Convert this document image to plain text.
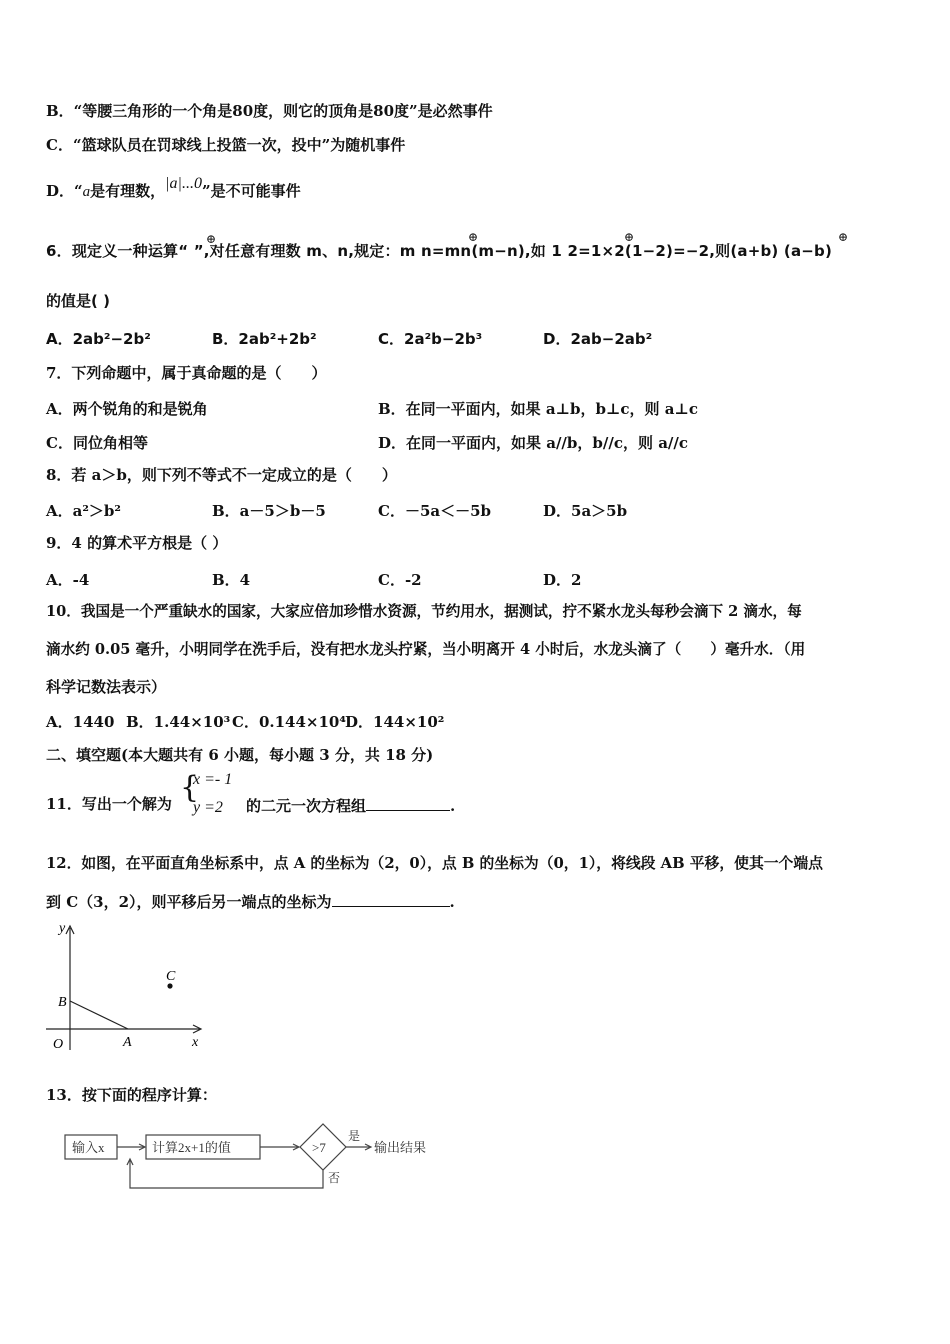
B．“等腰三角形的一个角是80度，则它的顶角是80度”是必然事件
C．“篮球队员在罚球线上投篮一次，投中”为随机事件
D．“a是有理数，|a|...0”是不可能事件
6．现定义一种运算“ ”,对任意有理数 m、n,规定：m n=mn(m−n),如 1 2=1×2(1−2)=−2,则(a+b) (a−b)
⊕	⊕	⊕	⊕
的值是( )
A．2ab²−2b²	B．2ab²+2b²	C．2a²b−2b³	D．2ab−2ab²
7．下列命题中，属于真命题的是（　　）
A．两个锐角的和是锐角	B．在同一平面内，如果 a⊥b，b⊥c，则 a⊥c
C．同位角相等	D．在同一平面内，如果 a//b，b//c，则 a//c
8．若 a＞b，则下列不等式不一定成立的是（　　）
A．a²＞b²	B．a－5＞b－5	C．－5a＜－5b	D．5a＞5b
9．4 的算术平方根是（ ）
A．-4	B．4	C．-2	D．2
10．我国是一个严重缺水的国家，大家应倍加珍惜水资源，节约用水，据测试，拧不紧水龙头每秒会滴下 2 滴水，每
滴水约 0.05 毫升，小明同学在洗手后，没有把水龙头拧紧，当小明离开 4 小时后，水龙头滴了（　　）毫升水．（用
科学记数法表示）
A．1440 B．1.44×10³ C．0.144×10⁴ D．144×10²
二、填空题(本大题共有 6 小题，每小题 3 分，共 18 分)
11．写出一个解为 {
x =- 1
y =2 的二元一次方程组	.
12．如图，在平面直角坐标系中，点 A 的坐标为（2，0），点 B 的坐标为（0，1），将线段 AB 平移，使其一个端点
到 C（3，2），则平移后另一端点的坐标为	.
y
x
O	A
B
C
13．按下面的程序计算：
输入x	计算2x+1的值	>7
是
输出结果
否
